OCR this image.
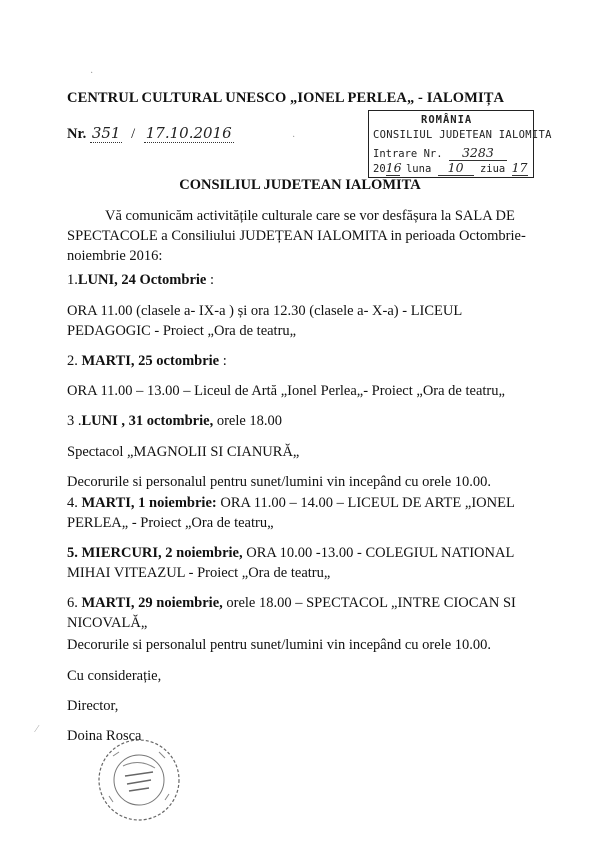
CENTRUL CULTURAL UNESCO „IONEL PERLEA„ - IALOMIȚA
Nr. 351 / 17.10.2016
ROMÂNIA
CONSILIUL JUDETEAN IALOMITA
Intrare Nr. 3283
2016 luna 10 ziua 17
CONSILIUL JUDETEAN IALOMITA
Vă comunicăm activitățile culturale care se vor desfășura la SALA DE SPECTACOLE a Consiliului JUDEȚEAN IALOMITA in perioada Octombrie-noiembrie 2016:
1.LUNI, 24 Octombrie :
ORA 11.00 (clasele a- IX-a ) și ora 12.30 (clasele a- X-a) - LICEUL PEDAGOGIC - Proiect „Ora de teatru„
2. MARTI, 25 octombrie :
ORA 11.00 – 13.00 – Liceul de Artă „Ionel Perlea„- Proiect „Ora de teatru„
3 .LUNI , 31 octombrie, orele 18.00
Spectacol „MAGNOLII SI CIANURĂ„
Decorurile si personalul pentru sunet/lumini vin incepând cu orele 10.00.
4. MARTI, 1 noiembrie: ORA 11.00 – 14.00 – LICEUL DE ARTE „IONEL PERLEA„ - Proiect „Ora de teatru„
5. MIERCURI, 2 noiembrie, ORA 10.00 -13.00 - COLEGIUL NATIONAL MIHAI VITEAZUL - Proiect „Ora de teatru„
6. MARTI, 29 noiembrie, orele 18.00 – SPECTACOL „INTRE CIOCAN SI NICOVALĂ„
Decorurile si personalul pentru sunet/lumini vin incepând cu orele 10.00.
Cu considerație,
Director,
Doina Rosca
·
·
⁄
